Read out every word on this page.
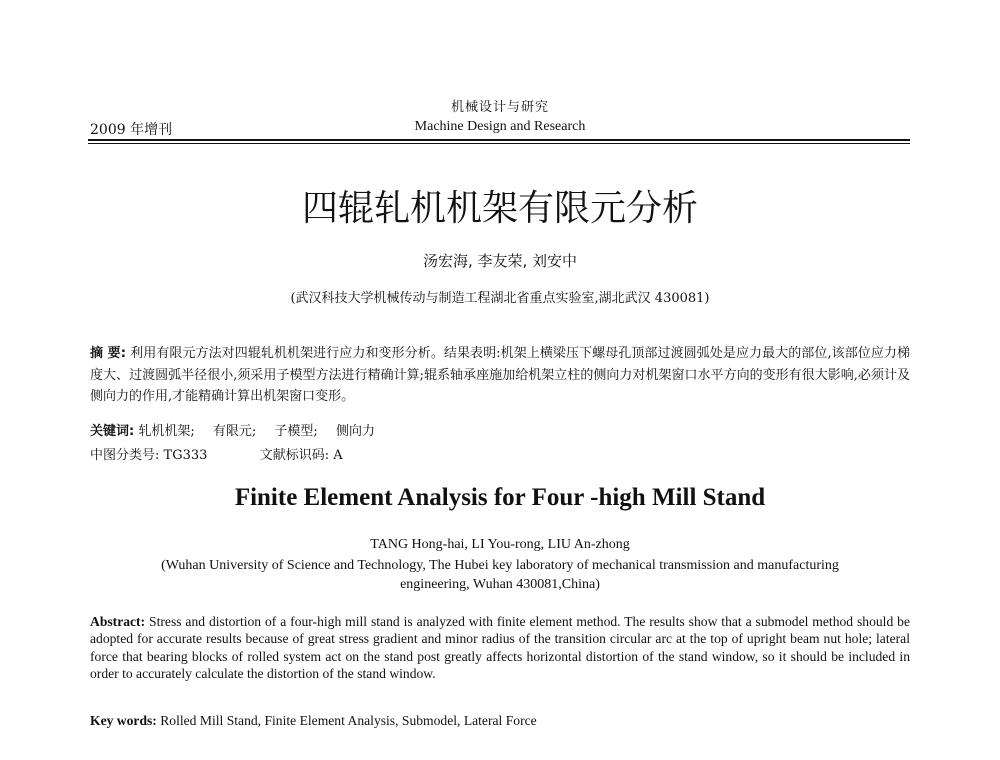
机械设计与研究
Machine Design and Research
2009 年增刊
四辊轧机机架有限元分析
汤宏海, 李友荣, 刘安中
(武汉科技大学机械传动与制造工程湖北省重点实验室,湖北武汉 430081)
摘 要: 利用有限元方法对四辊轧机机架进行应力和变形分析。结果表明:机架上横梁压下螺母孔顶部过渡圆弧处是应力最大的部位,该部位应力梯度大、过渡圆弧半径很小,须采用子模型方法进行精确计算;辊系轴承座施加给机架立柱的侧向力对机架窗口水平方向的变形有很大影响,必须计及侧向力的作用,才能精确计算出机架窗口变形。
关键词: 轧机机架; 有限元; 子模型; 侧向力
中图分类号: TG333	文献标识码: A
Finite Element Analysis for Four -high Mill Stand
TANG Hong-hai, LI You-rong, LIU An-zhong
(Wuhan University of Science and Technology, The Hubei key laboratory of mechanical transmission and manufacturing engineering, Wuhan 430081,China)
Abstract: Stress and distortion of a four-high mill stand is analyzed with finite element method. The results show that a submodel method should be adopted for accurate results because of great stress gradient and minor radius of the transition circular arc at the top of upright beam nut hole; lateral force that bearing blocks of rolled system act on the stand post greatly affects horizontal distortion of the stand window, so it should be included in order to accurately calculate the distortion of the stand window.
Key words: Rolled Mill Stand, Finite Element Analysis, Submodel, Lateral Force
